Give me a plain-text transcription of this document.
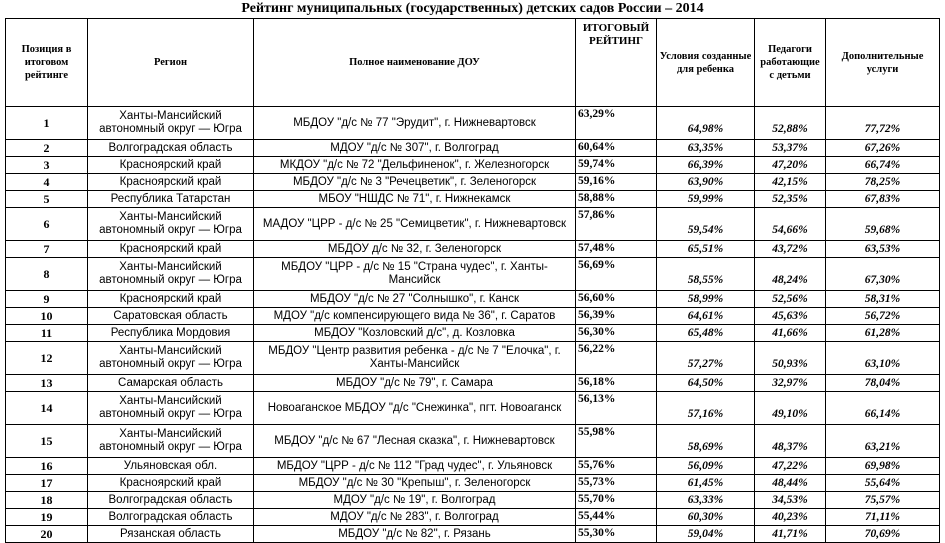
Рейтинг муниципальных (государственных) детских садов России – 2014
Позиция в итоговом рейтинге	Регион	Полное наименование ДОУ	ИТОГОВЫЙ РЕЙТИНГ	Условия созданные для ребенка	Педагоги работающие с детьми	Дополнительные услуги
1	Ханты-Мансийский автономный округ — Югра	МБДОУ "д/с № 77 "Эрудит", г. Нижневартовск	63,29%	64,98%	52,88%	77,72%
2	Волгоградская область	МДОУ "д/с № 307", г. Волгоград	60,64%	63,35%	53,37%	67,26%
3	Красноярский край	МКДОУ "д/с № 72 "Дельфиненок", г. Железногорск	59,74%	66,39%	47,20%	66,74%
4	Красноярский край	МБДОУ "д/с № 3 "Речецветик", г. Зеленогорск	59,16%	63,90%	42,15%	78,25%
5	Республика Татарстан	МБОУ "НШДС № 71", г. Нижнекамск	58,88%	59,99%	52,35%	67,83%
6	Ханты-Мансийский автономный округ — Югра	МАДОУ "ЦРР - д/с № 25 "Семицветик", г. Нижневартовск	57,86%	59,54%	54,66%	59,68%
7	Красноярский край	МБДОУ д/с № 32, г. Зеленогорск	57,48%	65,51%	43,72%	63,53%
8	Ханты-Мансийский автономный округ — Югра	МБДОУ "ЦРР - д/с № 15 "Страна чудес", г. Ханты-Мансийск	56,69%	58,55%	48,24%	67,30%
9	Красноярский край	МБДОУ "д/с № 27 "Солнышко", г. Канск	56,60%	58,99%	52,56%	58,31%
10	Саратовская область	МДОУ "д/с компенсирующего вида № 36", г. Саратов	56,39%	64,61%	45,63%	56,72%
11	Республика Мордовия	МБДОУ "Козловский д/с", д. Козловка	56,30%	65,48%	41,66%	61,28%
12	Ханты-Мансийский автономный округ — Югра	МБДОУ "Центр развития ребенка - д/с № 7 "Елочка", г. Ханты-Мансийск	56,22%	57,27%	50,93%	63,10%
13	Самарская область	МБДОУ "д/с № 79", г. Самара	56,18%	64,50%	32,97%	78,04%
14	Ханты-Мансийский автономный округ — Югра	Новоаганское МБДОУ "д/с "Снежинка", пгт. Новоаганск	56,13%	57,16%	49,10%	66,14%
15	Ханты-Мансийский автономный округ — Югра	МБДОУ "д/с № 67 "Лесная сказка", г. Нижневартовск	55,98%	58,69%	48,37%	63,21%
16	Ульяновская обл.	МБДОУ "ЦРР - д/с № 112 "Град чудес", г. Ульяновск	55,76%	56,09%	47,22%	69,98%
17	Красноярский край	МБДОУ "д/с № 30 "Крепыш", г. Зеленогорск	55,73%	61,45%	48,44%	55,64%
18	Волгоградская область	МДОУ "д/с № 19", г. Волгоград	55,70%	63,33%	34,53%	75,57%
19	Волгоградская область	МДОУ "д/с № 283", г. Волгоград	55,44%	60,30%	40,23%	71,11%
20	Рязанская область	МБДОУ "д/с № 82", г. Рязань	55,30%	59,04%	41,71%	70,69%
